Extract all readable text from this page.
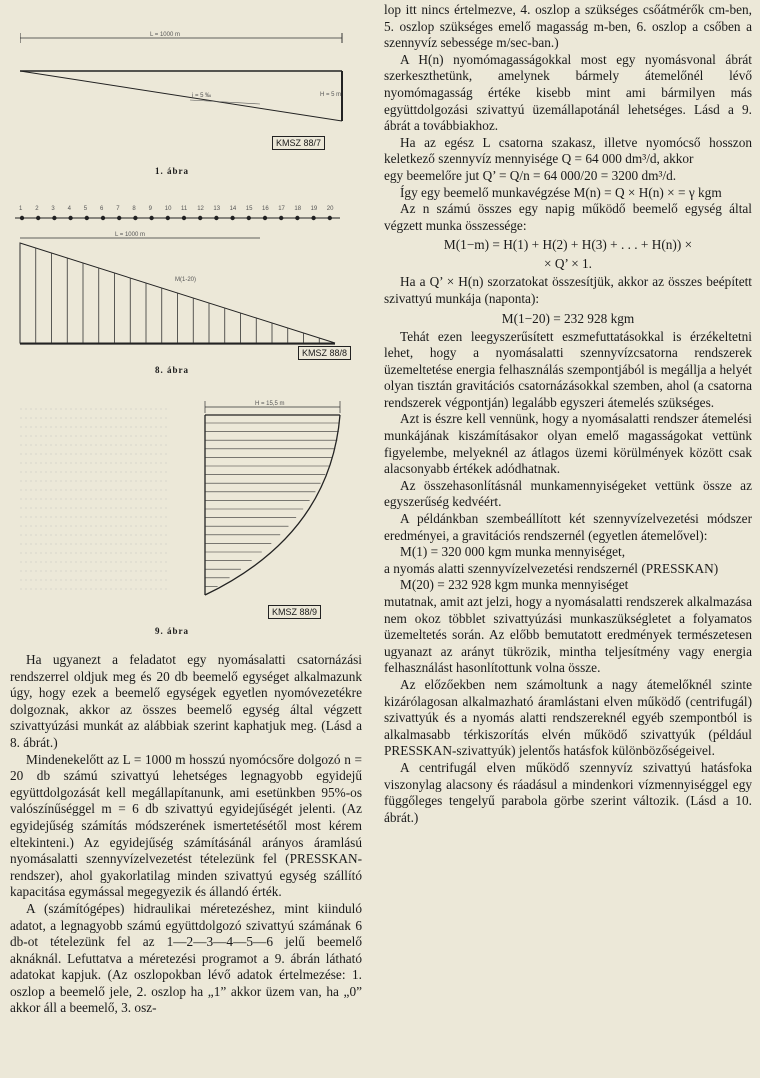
L = 1000 m
i = 5 ‰	H = 5 m
KMSZ 88/7
1. ábra
1 2 3 4 5 6 7 8 9 10 11 12 13 14 15 16 17 18 19 20
L = 1000 m
M(1-20)
KMSZ 88/8
8. ábra
H = 15,5 m
KMSZ 88/9
9. ábra

Ha ugyanezt a feladatot egy nyomásalatti csatornázási rendszerrel oldjuk meg és 20 db beemelő egységet alkalmazunk úgy, hogy ezek a beemelő egységek egyetlen nyomóvezetékre dolgoznak, akkor az összes beemelő egység által végzett szivattyúzási munkát az alábbiak szerint kaphatjuk meg. (Lásd a 8. ábrát.)

Mindenekelőtt az L = 1000 m hosszú nyomócsőre dolgozó n = 20 db számú szivattyú lehetséges legnagyobb egyidejű együttdolgozását kell megállapítanunk, ami esetünkben 95%-os valószínűséggel m = 6 db szivattyú egyidejűségét jelenti. (Az egyidejűség számítás módszerének ismertetésétől most kérem eltekinteni.) Az egyidejűség számításánál arányos áramlású nyomásalatti szennyvízelvezetést tételezünk fel (PRESSKAN-rendszer), ahol gyakorlatilag minden szivattyú egység szállító kapacitása egymással megegyezik és állandó érték.

A (számítógépes) hidraulikai méretezéshez, mint kiinduló adatot, a legnagyobb számú együttdolgozó szivattyú számának 6 db-ot tételezünk fel az 1—2—3—4—5—6 jelű beemelő aknáknál. Lefuttatva a méretezési programot a 9. ábrán látható adatokat kapjuk. (Az oszlopokban lévő adatok értelmezése: 1. oszlop a beemelő jele, 2. oszlop ha „1” akkor üzem van, ha „0” akkor áll a beemelő, 3. osz-

lop itt nincs értelmezve, 4. oszlop a szükséges csőátmérők cm-ben, 5. oszlop szükséges emelő magasság m-ben, 6. oszlop a csőben a szennyvíz sebessége m/sec-ban.)

A H(n) nyomómagasságokkal most egy nyomásvonal ábrát szerkeszthetünk, amelynek bármely átemelőnél lévő nyomómagasság értéke kisebb mint ami bármilyen más együttdolgozási szivattyú üzemállapotánál lehetséges. Lásd a 9. ábrát a továbbiakhoz.

Ha az egész L csatorna szakasz, illetve nyomócső hosszon keletkező szennyvíz mennyisége Q = 64 000 dm³/d, akkor

egy beemelőre jut Q’ = Q/n = 64 000/20 = 3200 dm³/d.

Így egy beemelő munkavégzése M(n) = Q × H(n) × = γ kgm

Az n számú összes egy napig működő beemelő egység által végzett munka összessége:

M(1−m) = H(1) + H(2) + H(3) + . . . + H(n)) ×
× Q’ × 1.

Ha a Q’ × H(n) szorzatokat összesítjük, akkor az összes beépített szivattyú munkája (naponta):

M(1−20) = 232 928 kgm

Tehát ezen leegyszerűsített eszmefuttatásokkal is érzékeltetni lehet, hogy a nyomásalatti szennyvízcsatorna rendszerek üzemeltetése energia felhasználás szempontjából is megállja a helyét olyan tisztán gravitációs csatornázásokkal szemben, ahol (a csatorna rendszerek végpontján) legalább egyszeri átemelés szükséges.

Azt is észre kell vennünk, hogy a nyomásalatti rendszer átemelési munkájának kiszámításakor olyan emelő magasságokat vettünk figyelembe, melyeknél az átlagos üzemi körülmények között csak alacsonyabb értékek adódhatnak.

Az összehasonlításnál munkamennyiségeket vettünk össze az egyszerűség kedvéért.

A példánkban szembeállított két szennyvízelvezetési módszer eredményei, a gravitációs rendszernél (egyetlen átemelővel):

M(1) = 320 000 kgm munka mennyiséget,

a nyomás alatti szennyvízelvezetési rendszernél (PRESSKAN)

M(20) = 232 928 kgm munka mennyiséget

mutatnak, amit azt jelzi, hogy a nyomásalatti rendszerek alkalmazása nem okoz többlet szivattyúzási munkaszükségletet a folyamatos üzemeltetés során. Az előbb bemutatott eredmények természetesen ugyanazt az arányt tükrözik, mintha teljesítmény vagy energia felhasználást hasonlítottunk volna össze.

Az előzőekben nem számoltunk a nagy átemelőknél szinte kizárólagosan alkalmazható áramlástani elven működő (centrifugál) szivattyúk és a nyomás alatti rendszereknél egyéb szempontból is alkalmasabb térkiszorítás elvén működő szivattyúk (például PRESSKAN-szivattyúk) jelentős hatásfok különbözőségeivel.

A centrifugál elven működő szennyvíz szivattyú hatásfoka viszonylag alacsony és ráadásul a mindenkori vízmennyiséggel egy függőleges tengelyű parabola görbe szerint változik. (Lásd a 10. ábrát.)
